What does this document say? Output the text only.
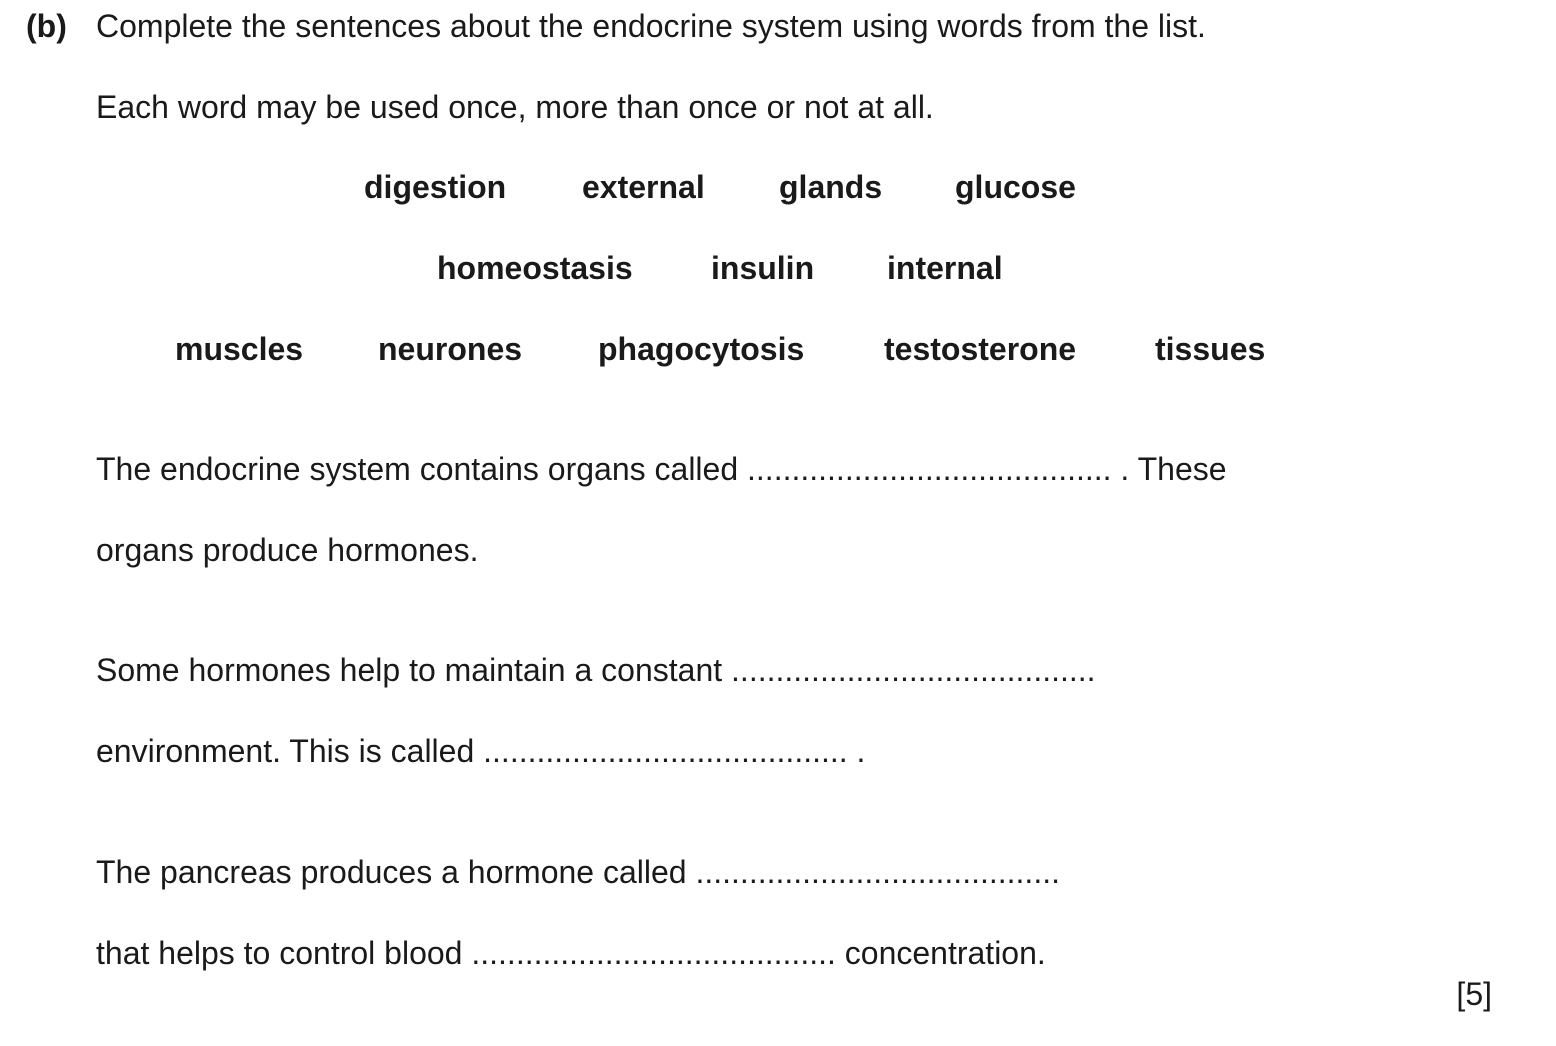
(b) Complete the sentences about the endocrine system using words from the list.
Each word may be used once, more than once or not at all.
digestion external glands glucose
homeostasis insulin internal
muscles neurones phagocytosis testosterone tissues
The endocrine system contains organs called ......................................... . These
organs produce hormones.
Some hormones help to maintain a constant .........................................
environment. This is called ......................................... .
The pancreas produces a hormone called .........................................
that helps to control blood ......................................... concentration.
[5]
